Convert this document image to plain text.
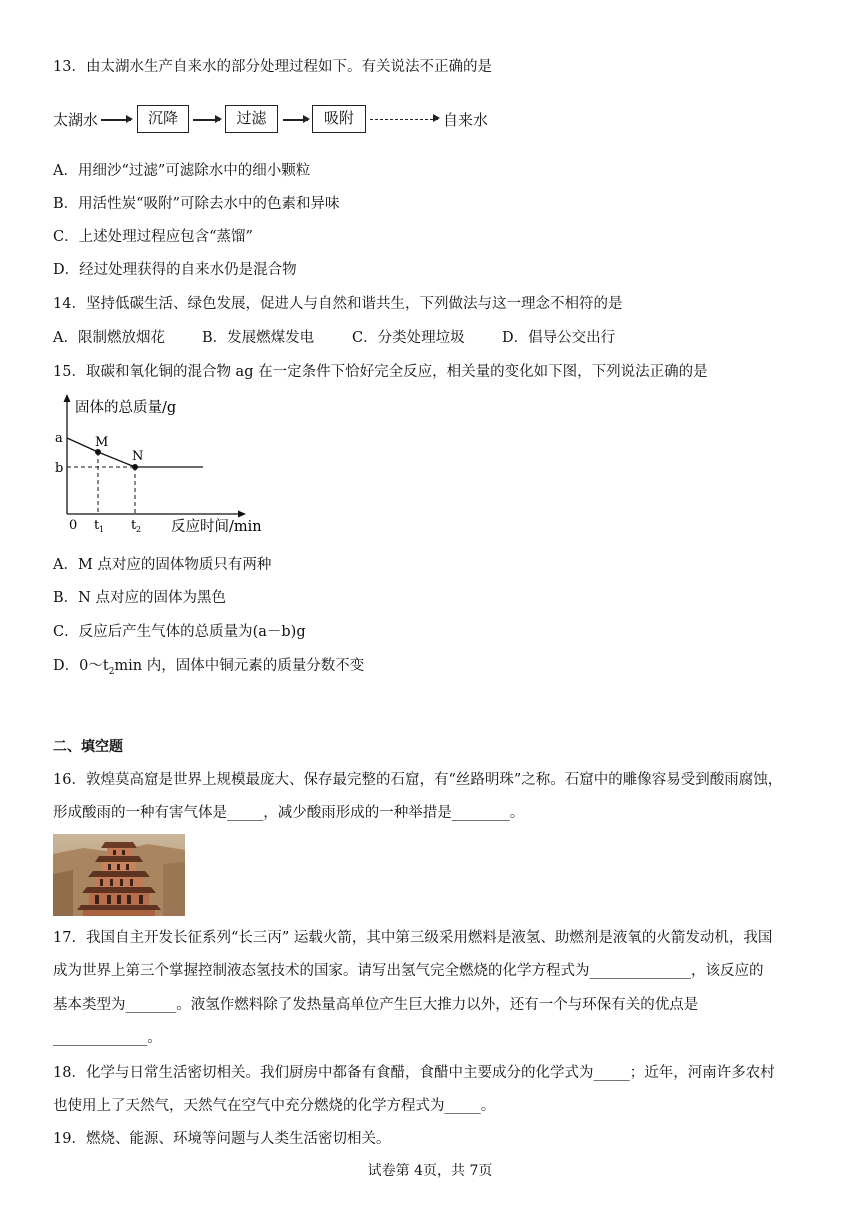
13．由太湖水生产自来水的部分处理过程如下。有关说法不正确的是
太湖水	沉降	过滤	吸附	自来水
A．用细沙“过滤”可滤除水中的细小颗粒
B．用活性炭“吸附”可除去水中的色素和异味
C．上述处理过程应包含“蒸馏”
D．经过处理获得的自来水仍是混合物
14．坚持低碳生活、绿色发展，促进人与自然和谐共生，下列做法与这一理念不相符的是
A．限制燃放烟花	B．发展燃煤发电	C．分类处理垃圾	D．倡导公交出行
15．取碳和氧化铜的混合物 ag 在一定条件下恰好完全反应，相关量的变化如下图，下列说法正确的是
固体的总质量/g
a
b
M
N
0 t 1 t 2 反应时间/min
A．M 点对应的固体物质只有两种
B．N 点对应的固体为黑色
C．反应后产生气体的总质量为(a－b)g
D．$0\sim t_2\min$ 内，固体中铜元素的质量分数不变
二、填空题
16．敦煌莫高窟是世界上规模最庞大、保存最完整的石窟，有“丝路明珠”之称。石窟中的雕像容易受到酸雨腐蚀，
形成酸雨的一种有害气体是_____，减少酸雨形成的一种举措是________。
17．我国自主开发长征系列“长三丙” 运载火箭，其中第三级采用燃料是液氢、助燃剂是液氧的火箭发动机，我国
成为世界上第三个掌握控制液态氢技术的国家。请写出氢气完全燃烧的化学方程式为______________，该反应的
基本类型为_______。液氢作燃料除了发热量高单位产生巨大推力以外，还有一个与环保有关的优点是
_____________。
18．化学与日常生活密切相关。我们厨房中都备有食醋，食醋中主要成分的化学式为_____；近年，河南许多农村
也使用上了天然气，天然气在空气中充分燃烧的化学方程式为_____。
19．燃烧、能源、环境等问题与人类生活密切相关。
试卷第 4页，共 7页
